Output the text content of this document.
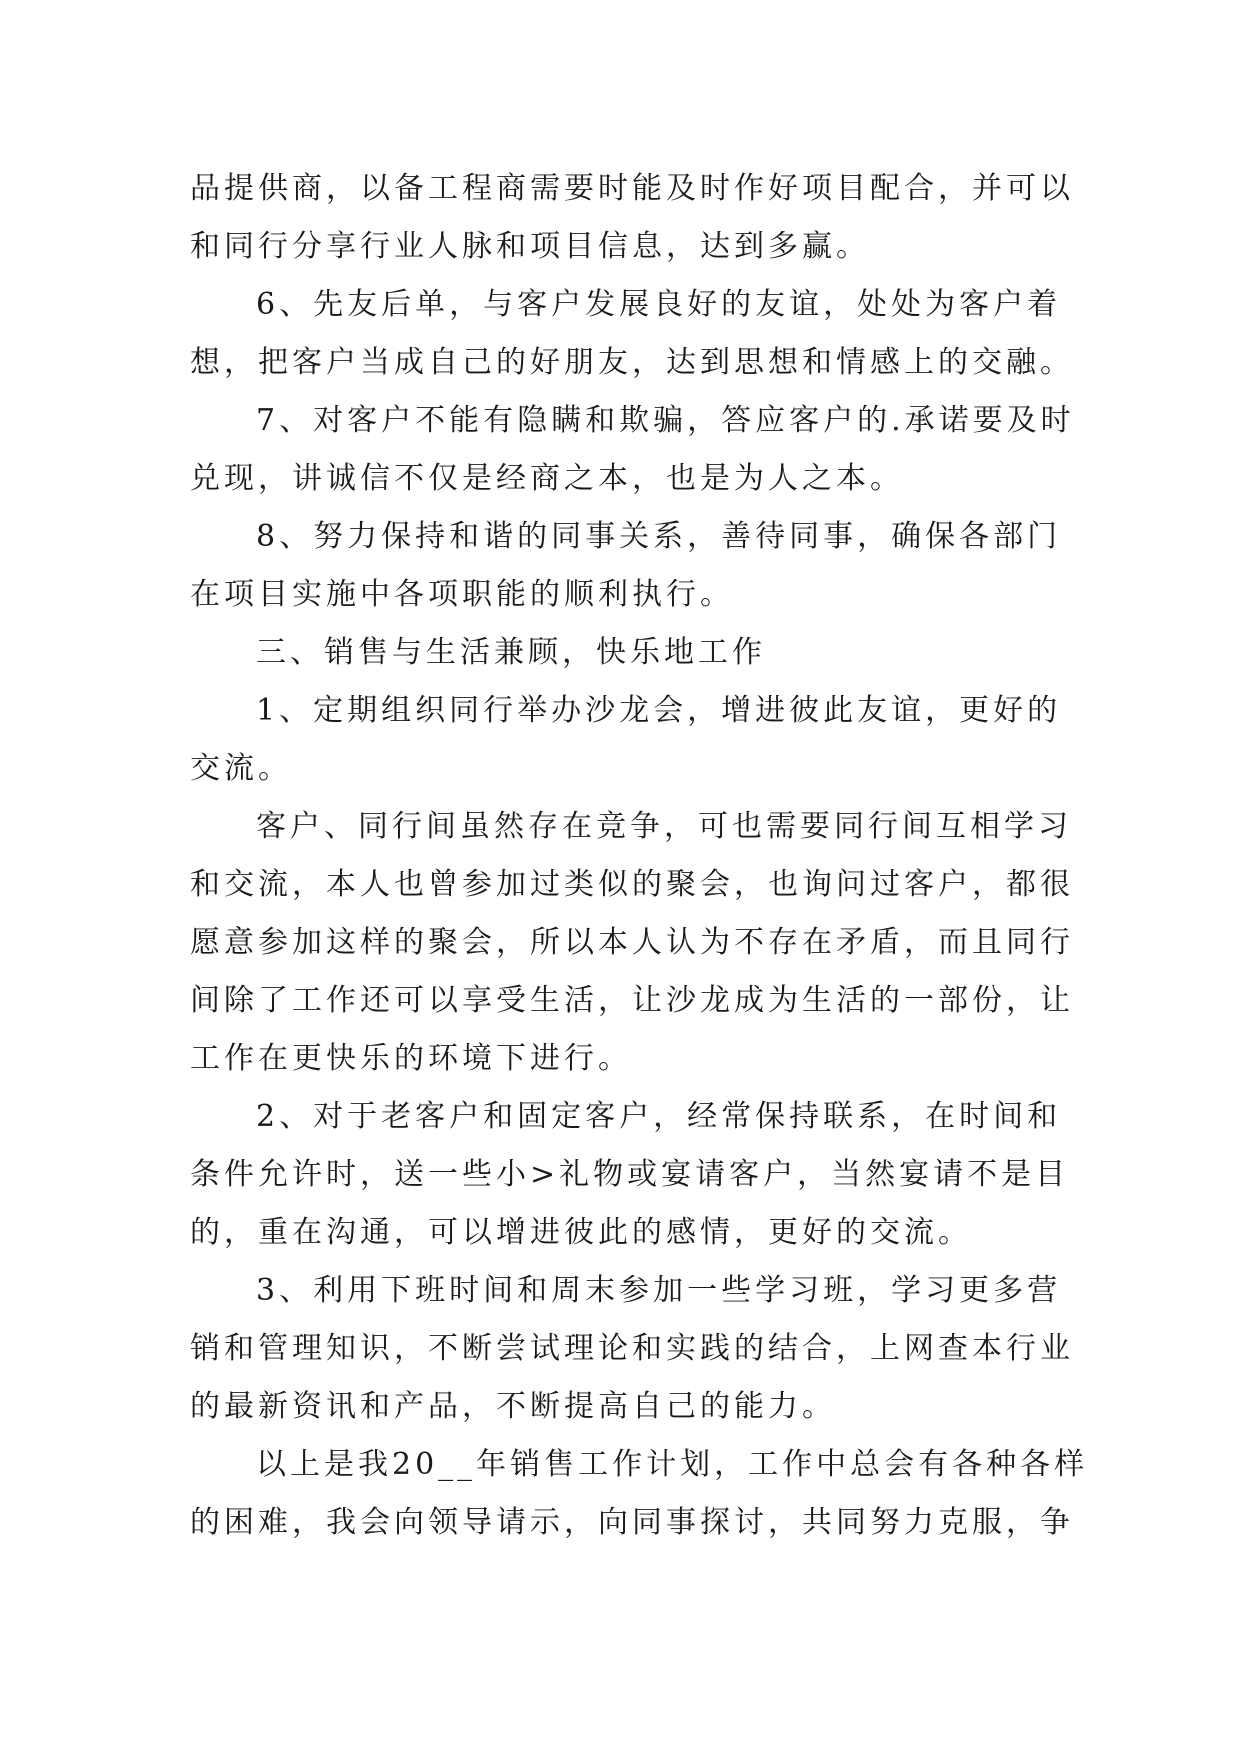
品提供商，以备工程商需要时能及时作好项目配合，并可以
和同行分享行业人脉和项目信息，达到多赢。
6、先友后单，与客户发展良好的友谊，处处为客户着
想，把客户当成自己的好朋友，达到思想和情感上的交融。
7、对客户不能有隐瞒和欺骗，答应客户的.承诺要及时
兑现，讲诚信不仅是经商之本，也是为人之本。
8、努力保持和谐的同事关系，善待同事，确保各部门
在项目实施中各项职能的顺利执行。
三、销售与生活兼顾，快乐地工作
1、定期组织同行举办沙龙会，增进彼此友谊，更好的
交流。
客户、同行间虽然存在竞争，可也需要同行间互相学习
和交流，本人也曾参加过类似的聚会，也询问过客户，都很
愿意参加这样的聚会，所以本人认为不存在矛盾，而且同行
间除了工作还可以享受生活，让沙龙成为生活的一部份，让
工作在更快乐的环境下进行。
2、对于老客户和固定客户，经常保持联系，在时间和
条件允许时，送一些小>礼物或宴请客户，当然宴请不是目
的，重在沟通，可以增进彼此的感情，更好的交流。
3、利用下班时间和周末参加一些学习班，学习更多营
销和管理知识，不断尝试理论和实践的结合，上网查本行业
的最新资讯和产品，不断提高自己的能力。
以上是我20__年销售工作计划，工作中总会有各种各样
的困难，我会向领导请示，向同事探讨，共同努力克服，争
